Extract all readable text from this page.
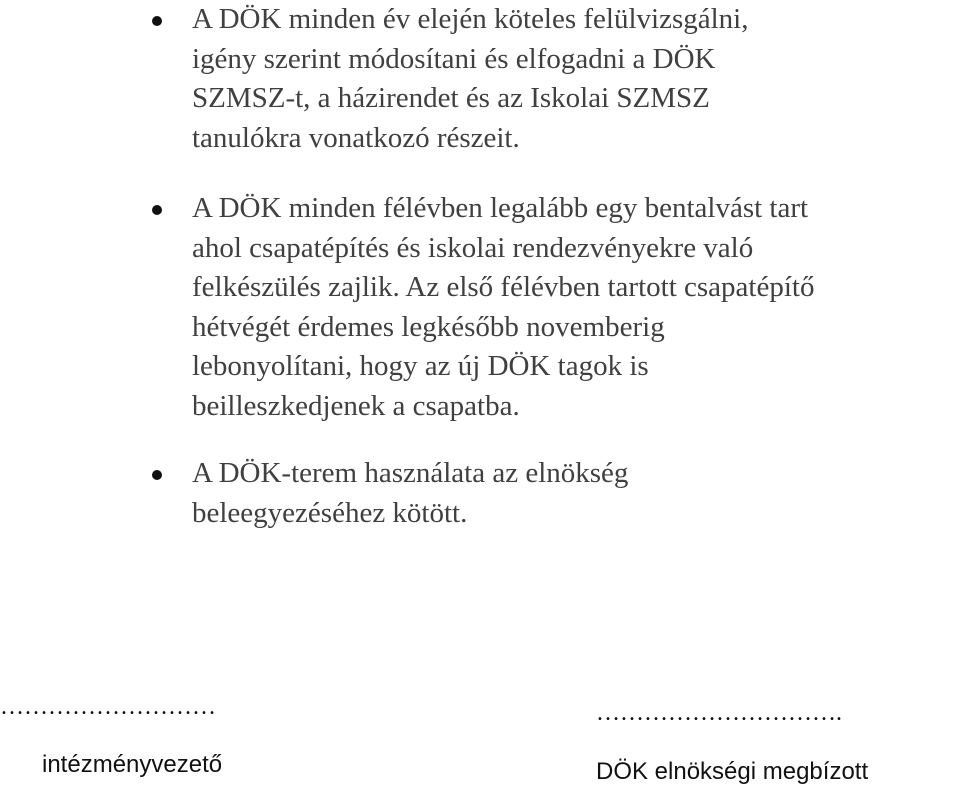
A DÖK minden év elején köteles felülvizsgálni,
igény szerint módosítani és elfogadni a DÖK
SZMSZ-t, a házirendet és az Iskolai SZMSZ
tanulókra vonatkozó részeit.
A DÖK minden félévben legalább egy bentalvást tart
ahol csapatépítés és iskolai rendezvényekre való
felkészülés zajlik. Az első félévben tartott csapatépítő
hétvégét érdemes legkésőbb novemberig
lebonyolítani, hogy az új DÖK tagok is
beilleszkedjenek a csapatba.
A DÖK-terem használata az elnökség
beleegyezéséhez kötött.
………………………
intézményvezető
………………………….
DÖK elnökségi megbízott
